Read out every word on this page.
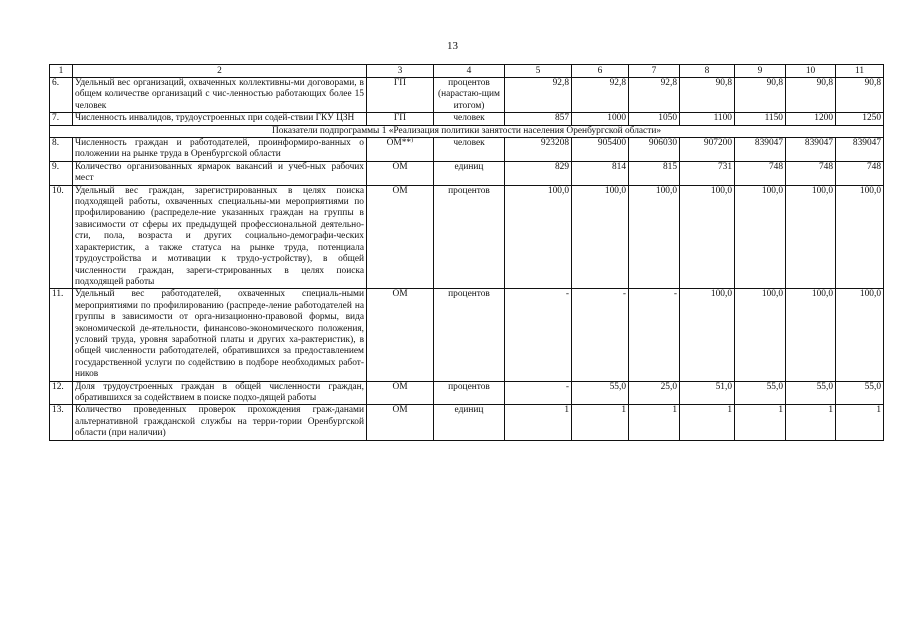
13
1	2	3	4	5	6	7	8	9	10	11
6.	Удельный вес организаций, охваченных коллективны-ми договорами, в общем количестве организаций с чис-ленностью работающих более 15 человек	ГП	процентов (нарастаю-щим итогом)	92,8	92,8	92,8	90,8	90,8	90,8	90,8
7.	Численность инвалидов, трудоустроенных при содей-ствии ГКУ ЦЗН	ГП	человек	857	1000	1050	1100	1150	1200	1250
Показатели подпрограммы 1 «Реализация политики занятости населения Оренбургской области»										
8.	Численность граждан и работодателей, проинформиро-ванных о положении на рынке труда в Оренбургской области	ОМ**⁾	человек	923208	905400	906030	907200	839047	839047	839047
9.	Количество организованных ярмарок вакансий и учеб-ных рабочих мест	ОМ	единиц	829	814	815	731	748	748	748
10.	Удельный вес граждан, зарегистрированных в целях поиска подходящей работы, охваченных специальны-ми мероприятиями по профилированию (распределе-ние указанных граждан на группы в зависимости от сферы их предыдущей профессиональной деятельно-сти, пола, возраста и других социально-демографи-ческих характеристик, а также статуса на рынке труда, потенциала трудоустройства и мотивации к трудо-устройству), в общей численности граждан, зареги-стрированных в целях поиска подходящей работы	ОМ	процентов	100,0	100,0	100,0	100,0	100,0	100,0	100,0
11.	Удельный вес работодателей, охваченных специаль-ными мероприятиями по профилированию (распреде-ление работодателей на группы в зависимости от орга-низационно-правовой формы, вида экономической де-ятельности, финансово-экономического положения, условий труда, уровня заработной платы и других ха-рактеристик), в общей численности работодателей, обратившихся за предоставлением государственной услуги по содействию в подборе необходимых работ-ников	ОМ	процентов	-	-	-	100,0	100,0	100,0	100,0
12.	Доля трудоустроенных граждан в общей численности граждан, обратившихся за содействием в поиске подхо-дящей работы	ОМ	процентов	-	55,0	25,0	51,0	55,0	55,0	55,0
13.	Количество проведенных проверок прохождения граж-данами альтернативной гражданской службы на терри-тории Оренбургской области (при наличии)	ОМ	единиц	1	1	1	1	1	1	1
